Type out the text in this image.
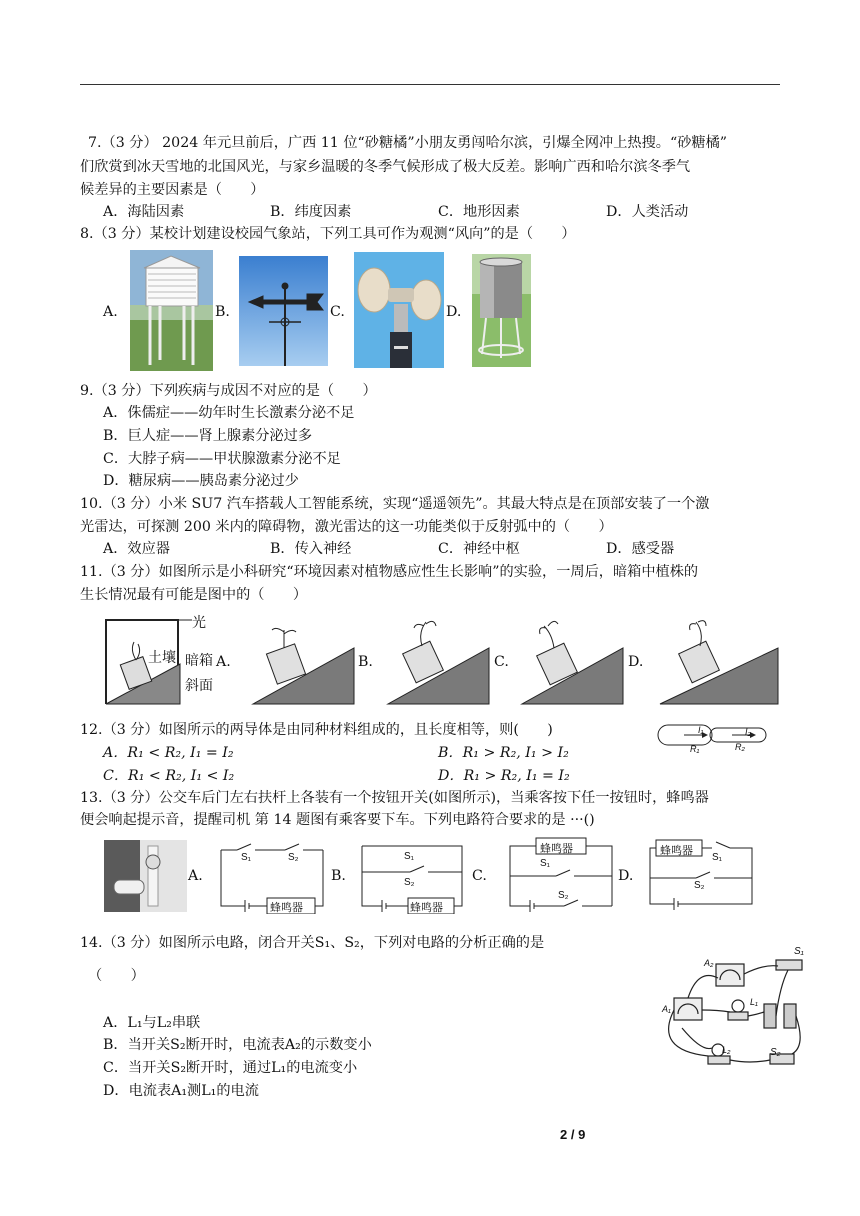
7.（3 分） 2024 年元旦前后，广西 11 位“砂糖橘”小朋友勇闯哈尔滨，引爆全网冲上热搜。“砂糖橘”
们欣赏到冰天雪地的北国风光，与家乡温暖的冬季气候形成了极大反差。影响广西和哈尔滨冬季气
候差异的主要因素是（　　）
A．海陆因素	B．纬度因素	C．地形因素	D．人类活动
8.（3 分）某校计划建设校园气象站，下列工具可作为观测“风向”的是（　　）
A.	B.	C.	D.
9.（3 分）下列疾病与成因不对应的是（　　）
A．侏儒症——幼年时生长激素分泌不足
B．巨人症——肾上腺素分泌过多
C．大脖子病——甲状腺激素分泌不足
D．糖尿病——胰岛素分泌过少
10.（3 分）小米 SU7 汽车搭载人工智能系统，实现“遥遥领先”。其最大特点是在顶部安装了一个激
光雷达，可探测 200 米内的障碍物，激光雷达的这一功能类似于反射弧中的（　　）
A．效应器	B．传入神经	C．神经中枢	D．感受器
11.（3 分）如图所示是小科研究“环境因素对植物感应性生长影响”的实验，一周后，暗箱中植株的
生长情况最有可能是图中的（　　）
光
土壤 暗箱
斜面
A.	B.	C.	D.
12.（3 分）如图所示的两导体是由同种材料组成的，且长度相等，则(　　)
A．R₁ < R₂, I₁ = I₂	B．R₁ > R₂, I₁ > I₂
C．R₁ < R₂, I₁ < I₂	D．R₁ > R₂, I₁ = I₂
I₁	I₂
R₁	R₂
13.（3 分）公交车后门左右扶杆上各装有一个按钮开关(如图所示)，当乘客按下任一按钮时，蜂鸣器
便会响起提示音，提醒司机 第 14 题图有乘客要下车。下列电路符合要求的是 ···()
A.
S₁	S₂
蜂鸣器
B.
S₁
S₂
蜂鸣器
C.
蜂鸣器
S₁
S₂
D.
蜂鸣器
S₁
S₂
14.（3 分）如图所示电路，闭合开关S₁、S₂，下列对电路的分析正确的是
（　　）
A．L₁与L₂串联
B．当开关S₂断开时，电流表A₂的示数变小
C．当开关S₂断开时，通过L₁的电流变小
D．电流表A₁测L₁的电流
S₁
A₂
A₁
L₁
L₂	S₂
2 / 9
